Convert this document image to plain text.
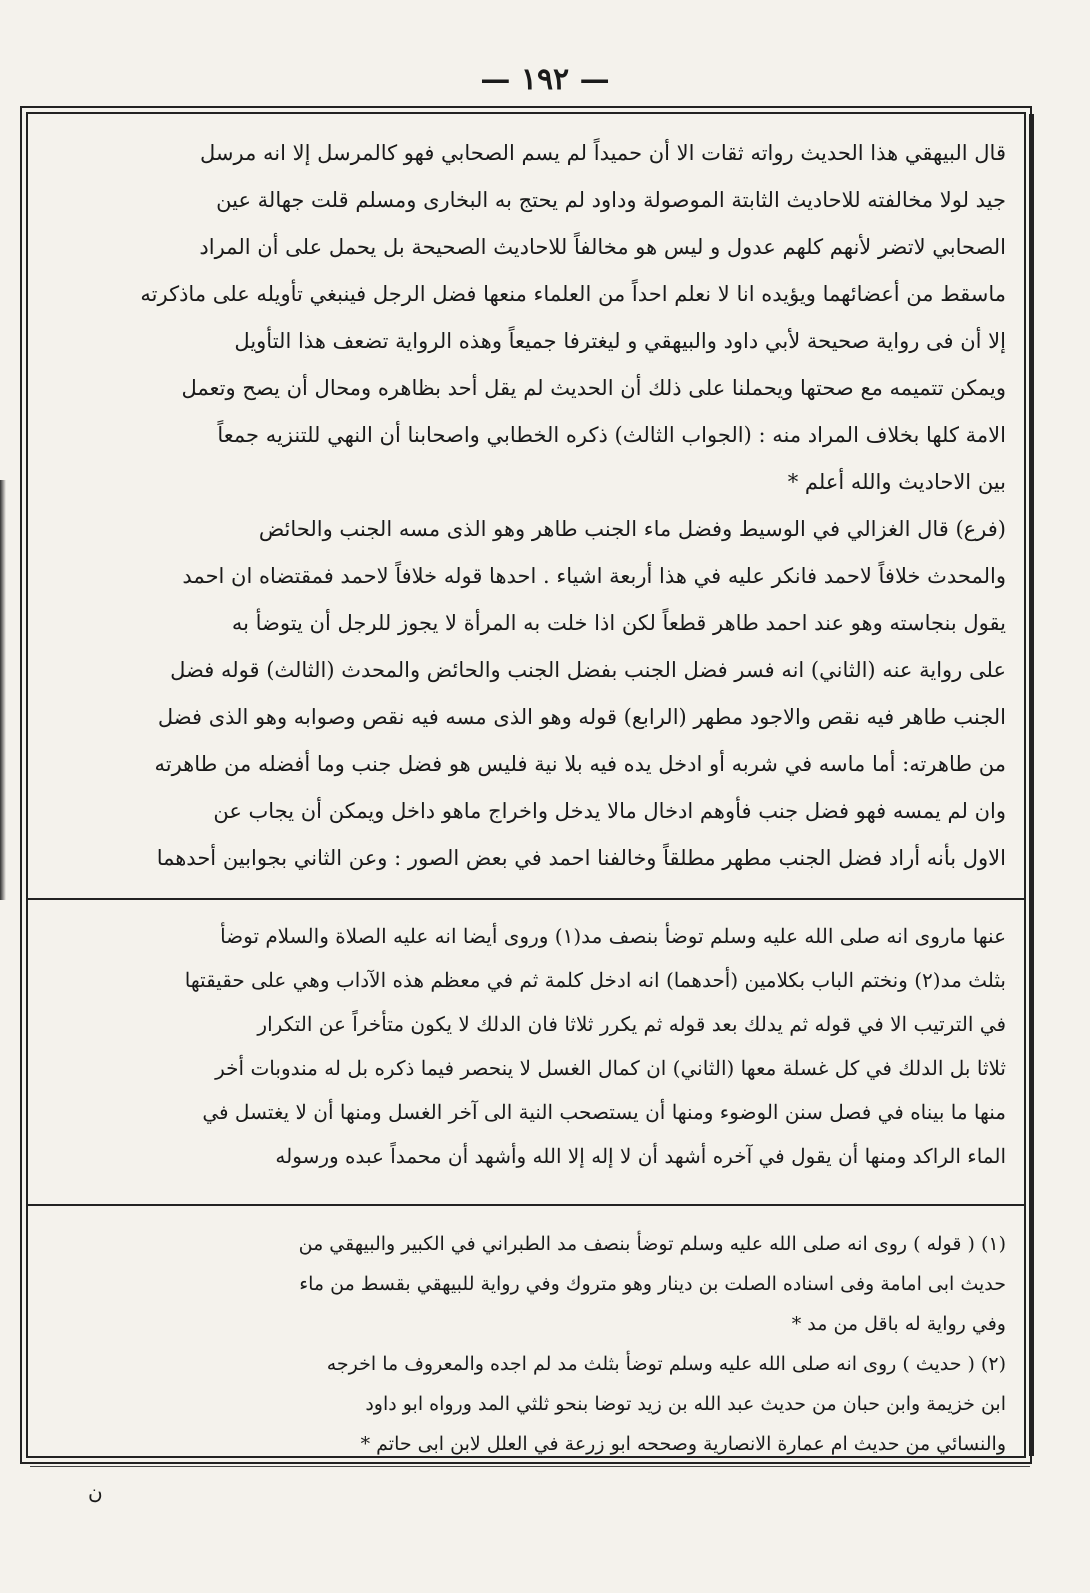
— ١٩٢ —
قال البيهقي هذا الحديث رواته ثقات الا أن حميداً لم يسم الصحابي فهو كالمرسل إلا انه مرسل
جيد لولا مخالفته للاحاديث الثابتة الموصولة وداود لم يحتج به البخارى ومسلم قلت جهالة عين
الصحابي لاتضر لأنهم كلهم عدول و ليس هو مخالفاً للاحاديث الصحيحة بل يحمل على أن المراد
ماسقط من أعضائهما ويؤيده انا لا نعلم احداً من العلماء منعها فضل الرجل فينبغي تأويله على ماذكرته
إلا أن فى رواية صحيحة لأبي داود والبيهقي و ليغترفا جميعاً وهذه الرواية تضعف هذا التأويل
ويمكن تتميمه مع صحتها ويحملنا على ذلك أن الحديث لم يقل أحد بظاهره ومحال أن يصح وتعمل
الامة كلها بخلاف المراد منه : (الجواب الثالث) ذكره الخطابي واصحابنا أن النهي للتنزيه جمعاً
بين الاحاديث والله أعلم *
(فرع) قال الغزالي في الوسيط وفضل ماء الجنب طاهر وهو الذى مسه الجنب والحائض
والمحدث خلافاً لاحمد فانكر عليه في هذا أربعة اشياء . احدها قوله خلافاً لاحمد فمقتضاه ان احمد
يقول بنجاسته وهو عند احمد طاهر قطعاً لكن اذا خلت به المرأة لا يجوز للرجل أن يتوضأ به
على رواية عنه (الثاني) انه فسر فضل الجنب بفضل الجنب والحائض والمحدث (الثالث) قوله فضل
الجنب طاهر فيه نقص والاجود مطهر (الرابع) قوله وهو الذى مسه فيه نقص وصوابه وهو الذى فضل
من طاهرته: أما ماسه في شربه أو ادخل يده فيه بلا نية فليس هو فضل جنب وما أفضله من طاهرته
وان لم يمسه فهو فضل جنب فأوهم ادخال مالا يدخل واخراج ماهو داخل ويمكن أن يجاب عن
الاول بأنه أراد فضل الجنب مطهر مطلقاً وخالفنا احمد في بعض الصور : وعن الثاني بجوابين أحدهما
عنها ماروى انه صلى الله عليه وسلم توضأ بنصف مد(١) وروى أيضا انه عليه الصلاة والسلام توضأ
بثلث مد(٢) ونختم الباب بكلامين (أحدهما) انه ادخل كلمة ثم في معظم هذه الآداب وهي على حقيقتها
في الترتيب الا في قوله ثم يدلك بعد قوله ثم يكرر ثلاثا فان الدلك لا يكون متأخراً عن التكرار
ثلاثا بل الدلك في كل غسلة معها (الثاني) ان كمال الغسل لا ينحصر فيما ذكره بل له مندوبات أخر
منها ما بيناه في فصل سنن الوضوء ومنها أن يستصحب النية الى آخر الغسل ومنها أن لا يغتسل في
الماء الراكد ومنها أن يقول في آخره أشهد أن لا إله إلا الله وأشهد أن محمداً عبده ورسوله
(١) ( قوله ) روى انه صلى الله عليه وسلم توضأ بنصف مد الطبراني في الكبير والبيهقي من
حديث ابى امامة وفى اسناده الصلت بن دينار وهو متروك وفي رواية للبيهقي بقسط من ماء
وفي رواية له باقل من مد *
(٢) ( حديث ) روى انه صلى الله عليه وسلم توضأ بثلث مد لم اجده والمعروف ما اخرجه
ابن خزيمة وابن حبان من حديث عبد الله بن زيد توضا بنحو ثلثي المد ورواه ابو داود
والنسائي من حديث ام عمارة الانصارية وصححه ابو زرعة في العلل لابن ابى حاتم *
ن
